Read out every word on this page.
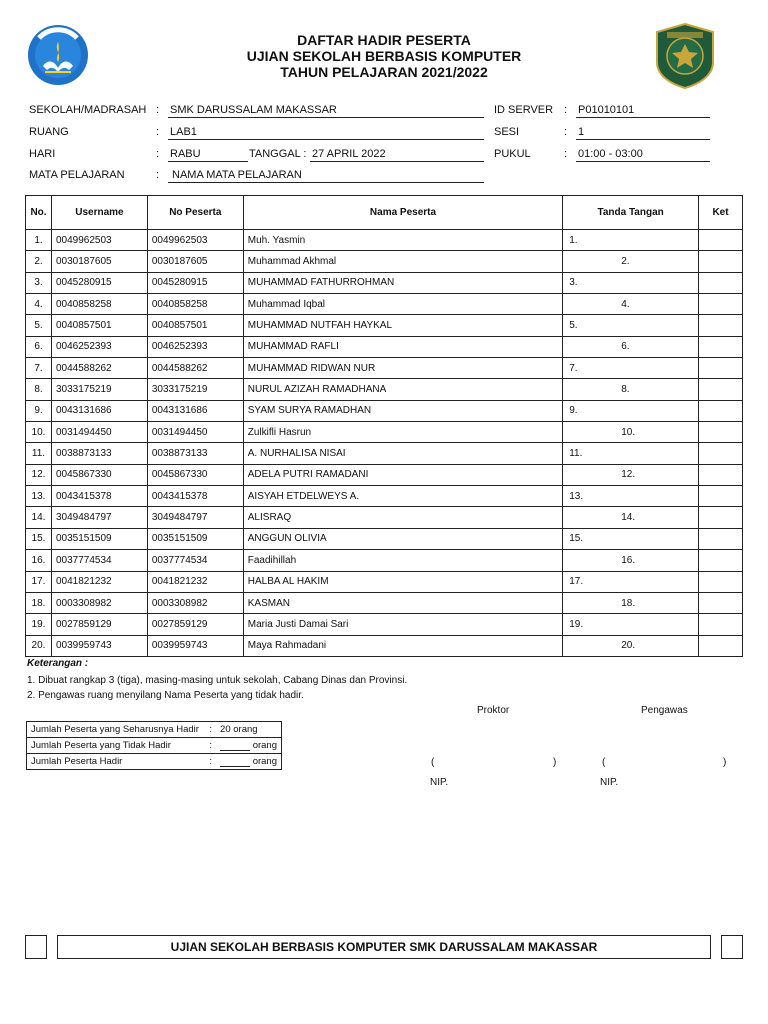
DAFTAR HADIR PESERTA
UJIAN SEKOLAH BERBASIS KOMPUTER
TAHUN PELAJARAN 2021/2022
SEKOLAH/MADRASAH : SMK DARUSSALAM MAKASSAR
RUANG	: LAB1
HARI	: RABU	TANGGAL : 27 APRIL 2022
MATA PELAJARAN	: NAMA MATA PELAJARAN
ID SERVER : P01010101
SESI	: 1
PUKUL	: 01:00 - 03:00
No.	Username	No Peserta	Nama Peserta	Tanda Tangan	Ket
1.	0049962503	0049962503	Muh. Yasmin	1.	

2.	0030187605	0030187605	Muhammad Akhmal	2.	

3.	0045280915	0045280915	MUHAMMAD FATHURROHMAN	3.	

4.	0040858258	0040858258	Muhammad Iqbal	4.	

5.	0040857501	0040857501	MUHAMMAD NUTFAH HAYKAL	5.	

6.	0046252393	0046252393	MUHAMMAD RAFLI	6.	

7.	0044588262	0044588262	MUHAMMAD RIDWAN NUR	7.	

8.	3033175219	3033175219	NURUL AZIZAH RAMADHANA	8.	

9.	0043131686	0043131686	SYAM SURYA RAMADHAN	9.	

10.	0031494450	0031494450	Zulkifli Hasrun	10.	

11.	0038873133	0038873133	A. NURHALISA NISAI	11.	

12.	0045867330	0045867330	ADELA PUTRI RAMADANI	12.	

13.	0043415378	0043415378	AISYAH ETDELWEYS A.	13.	

14.	3049484797	3049484797	ALISRAQ	14.	

15.	0035151509	0035151509	ANGGUN OLIVIA	15.	

16.	0037774534	0037774534	Faadihillah	16.	

17.	0041821232	0041821232	HALBA AL HAKIM	17.	

18.	0003308982	0003308982	KASMAN	18.	

19.	0027859129	0027859129	Maria Justi Damai Sari	19.	

20.	0039959743	0039959743	Maya Rahmadani	20.	

Keterangan :
1. Dibuat rangkap 3 (tiga), masing-masing untuk sekolah, Cabang Dinas dan Provinsi.
2. Pengawas ruang menyilang Nama Peserta yang tidak hadir.
Jumlah Peserta yang Seharusnya Hadir	:	20 orang
Jumlah Peserta yang Tidak Hadir	:	orang
Jumlah Peserta Hadir	:	orang
Proktor	Pengawas
(	)	(	)
NIP.	NIP.
UJIAN SEKOLAH BERBASIS KOMPUTER SMK DARUSSALAM MAKASSAR
